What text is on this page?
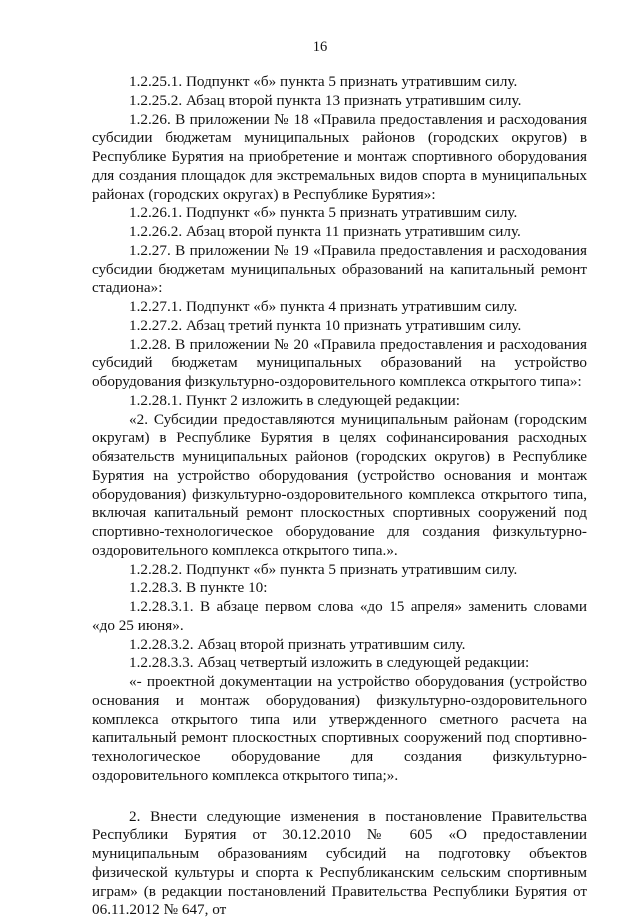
16

1.2.25.1. Подпункт «б» пункта 5 признать утратившим силу.

1.2.25.2. Абзац второй пункта 13 признать утратившим силу.

1.2.26. В приложении № 18 «Правила предоставления и расходования субсидии бюджетам муниципальных районов (городских округов) в Республике Бурятия на приобретение и монтаж спортивного оборудования для создания площадок для экстремальных видов спорта в муниципальных районах (городских округах) в Республике Бурятия»:

1.2.26.1. Подпункт «б» пункта 5 признать утратившим силу.

1.2.26.2. Абзац второй пункта 11 признать утратившим силу.

1.2.27. В приложении № 19 «Правила предоставления и расходования субсидии бюджетам муниципальных образований на капитальный ремонт стадиона»:

1.2.27.1. Подпункт «б» пункта 4 признать утратившим силу.

1.2.27.2. Абзац третий пункта 10 признать утратившим силу.

1.2.28. В приложении № 20 «Правила предоставления и расходования субсидий бюджетам муниципальных образований на устройство оборудования физкультурно-оздоровительного комплекса открытого типа»:

1.2.28.1. Пункт 2 изложить в следующей редакции:

«2. Субсидии предоставляются муниципальным районам (городским округам) в Республике Бурятия в целях софинансирования расходных обязательств муниципальных районов (городских округов) в Республике Бурятия на устройство оборудования (устройство основания и монтаж оборудования) физкультурно-оздоровительного комплекса открытого типа, включая капитальный ремонт плоскостных спортивных сооружений под спортивно-технологическое оборудование для создания физкультурно-оздоровительного комплекса открытого типа.».

1.2.28.2. Подпункт «б» пункта 5 признать утратившим силу.

1.2.28.3. В пункте 10:

1.2.28.3.1. В абзаце первом слова «до 15 апреля» заменить словами «до 25 июня».

1.2.28.3.2. Абзац второй признать утратившим силу.

1.2.28.3.3. Абзац четвертый изложить в следующей редакции:

«- проектной документации на устройство оборудования (устройство основания и монтаж оборудования) физкультурно-оздоровительного комплекса открытого типа или утвержденного сметного расчета на капитальный ремонт плоскостных спортивных сооружений под спортивно-технологическое оборудование для создания физкультурно-оздоровительного комплекса открытого типа;».

2. Внести следующие изменения в постановление Правительства Республики Бурятия от 30.12.2010 № 605 «О предоставлении муниципальным образованиям субсидий на подготовку объектов физической культуры и спорта к Республиканским сельским спортивным играм» (в редакции постановлений Правительства Республики Бурятия от 06.11.2012 № 647, от
